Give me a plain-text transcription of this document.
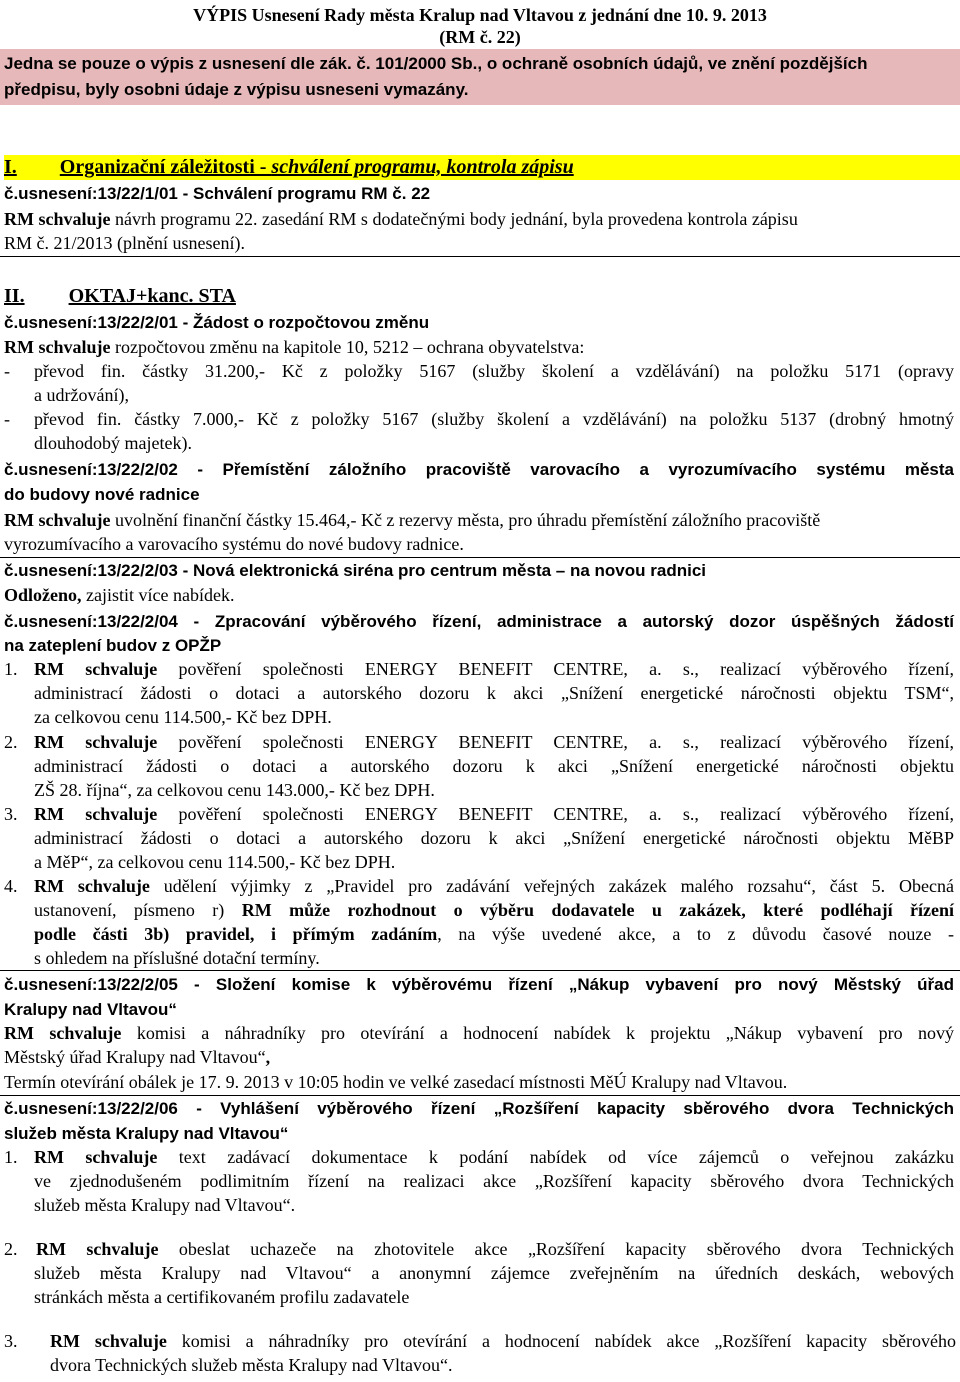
VÝPIS Usnesení Rady města Kralup nad Vltavou z jednání dne 10. 9. 2013
(RM č. 22)
Jedna se pouze o výpis z usnesení dle zák. č. 101/2000 Sb., o ochraně osobních údajů, ve znění pozdějších
předpisu, byly osobni údaje z výpisu usneseni vymazány.
I. Organizační záležitosti - schválení programu, kontrola zápisu
č.usnesení:13/22/1/01 - Schválení programu RM č. 22
RM schvaluje návrh programu 22. zasedání RM s dodatečnými body jednání, byla provedena kontrola zápisu
RM č. 21/2013 (plnění usnesení).
II. OKTAJ+kanc. STA
č.usnesení:13/22/2/01 - Žádost o rozpočtovou změnu
RM schvaluje rozpočtovou změnu na kapitole 10, 5212 – ochrana obyvatelstva:
- převod fin. částky 31.200,- Kč z položky 5167 (služby školení a vzdělávání) na položku 5171 (opravy
a udržování),
- převod fin. částky 7.000,- Kč z položky 5167 (služby školení a vzdělávání) na položku 5137 (drobný hmotný
dlouhodobý majetek).
č.usnesení:13/22/2/02 - Přemístění záložního pracoviště varovacího a vyrozumívacího systému města
do budovy nové radnice
RM schvaluje uvolnění finanční částky 15.464,- Kč z rezervy města, pro úhradu přemístění záložního pracoviště
vyrozumívacího a varovacího systému do nové budovy radnice.
č.usnesení:13/22/2/03 - Nová elektronická siréna pro centrum města – na novou radnici
Odloženo, zajistit více nabídek.
č.usnesení:13/22/2/04 - Zpracování výběrového řízení, administrace a autorský dozor úspěšných žádostí
na zateplení budov z OPŽP
1. RM schvaluje pověření společnosti ENERGY BENEFIT CENTRE, a. s., realizací výběrového řízení,
administrací žádosti o dotaci a autorského dozoru k akci „Snížení energetické náročnosti objektu TSM“,
za celkovou cenu 114.500,- Kč bez DPH.
2. RM schvaluje pověření společnosti ENERGY BENEFIT CENTRE, a. s., realizací výběrového řízení,
administrací žádosti o dotaci a autorského dozoru k akci „Snížení energetické náročnosti objektu
ZŠ 28. října“, za celkovou cenu 143.000,- Kč bez DPH.
3. RM schvaluje pověření společnosti ENERGY BENEFIT CENTRE, a. s., realizací výběrového řízení,
administrací žádosti o dotaci a autorského dozoru k akci „Snížení energetické náročnosti objektu MěBP
a MěP“, za celkovou cenu 114.500,- Kč bez DPH.
4. RM schvaluje udělení výjimky z „Pravidel pro zadávání veřejných zakázek malého rozsahu“, část 5. Obecná
ustanovení, písmeno r) RM může rozhodnout o výběru dodavatele u zakázek, které podléhají řízení
podle části 3b) pravidel, i přímým zadáním, na výše uvedené akce, a to z důvodu časové nouze -
s ohledem na příslušné dotační termíny.
č.usnesení:13/22/2/05 - Složení komise k výběrovému řízení „Nákup vybavení pro nový Městský úřad
Kralupy nad Vltavou“
RM schvaluje komisi a náhradníky pro otevírání a hodnocení nabídek k projektu „Nákup vybavení pro nový
Městský úřad Kralupy nad Vltavou“,
Termín otevírání obálek je 17. 9. 2013 v 10:05 hodin ve velké zasedací místnosti MěÚ Kralupy nad Vltavou.
č.usnesení:13/22/2/06 - Vyhlášení výběrového řízení „Rozšíření kapacity sběrového dvora Technických
služeb města Kralupy nad Vltavou“
1. RM schvaluje text zadávací dokumentace k podání nabídek od více zájemců o veřejnou zakázku
ve zjednodušeném podlimitním řízení na realizaci akce „Rozšíření kapacity sběrového dvora Technických
služeb města Kralupy nad Vltavou“.
2. RM schvaluje obeslat uchazeče na zhotovitele akce „Rozšíření kapacity sběrového dvora Technických
služeb města Kralupy nad Vltavou“ a anonymní zájemce zveřejněním na úředních deskách, webových
stránkách města a certifikovaném profilu zadavatele
3. RM schvaluje komisi a náhradníky pro otevírání a hodnocení nabídek akce „Rozšíření kapacity sběrového
dvora Technických služeb města Kralupy nad Vltavou“.
